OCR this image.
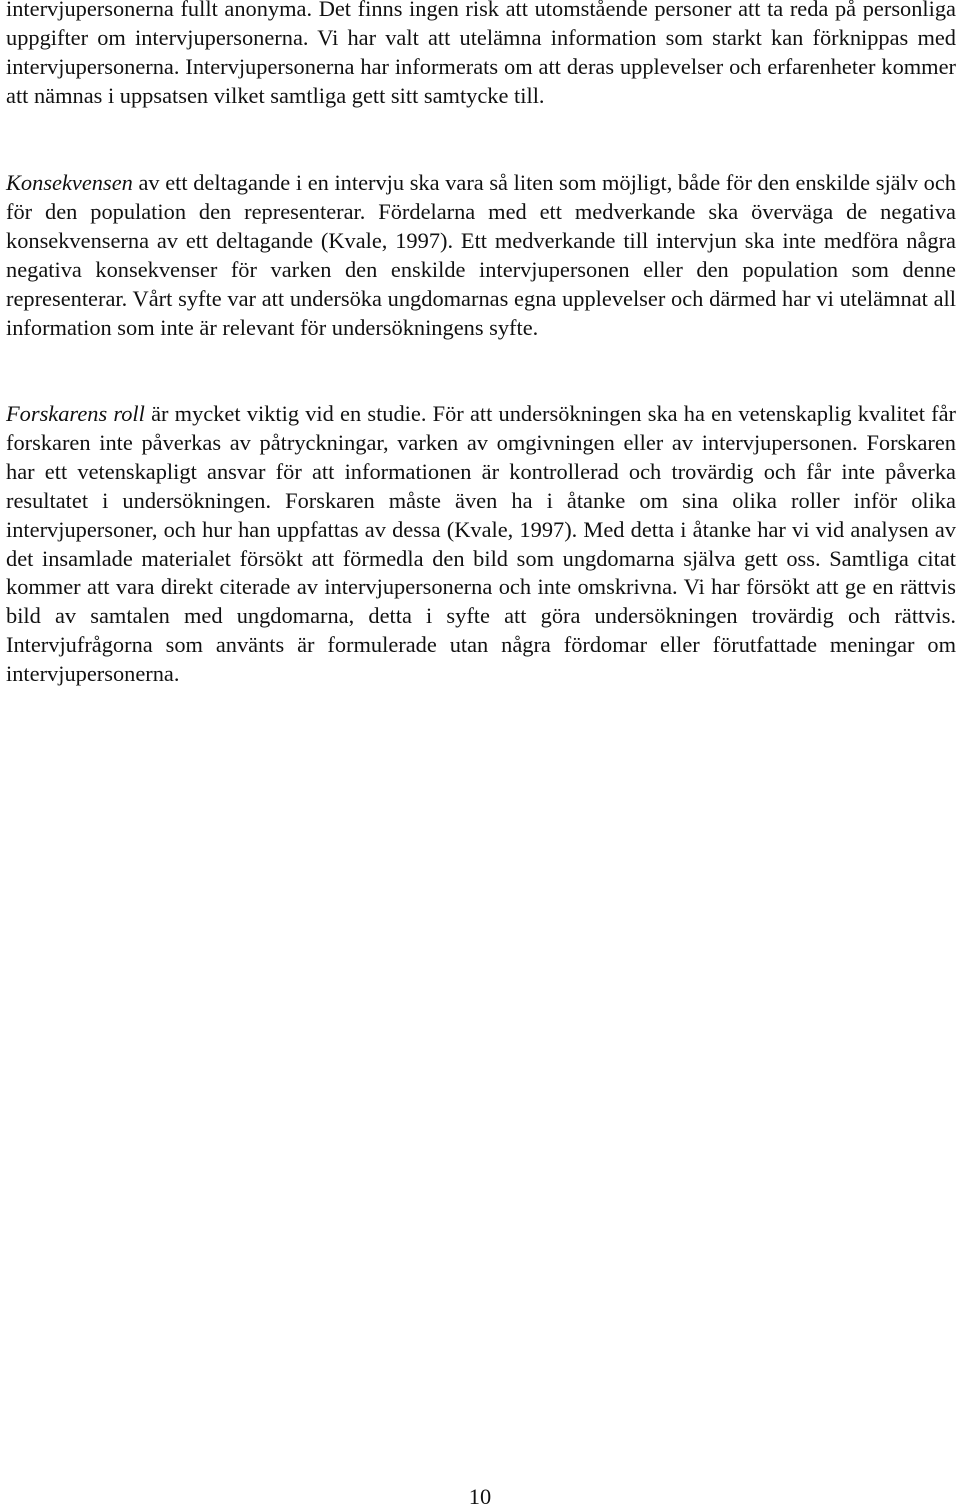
intervjupersonerna fullt anonyma. Det finns ingen risk att utomstående personer att ta reda på personliga uppgifter om intervjupersonerna. Vi har valt att utelämna information som starkt kan förknippas med intervjupersonerna. Intervjupersonerna har informerats om att deras upplevelser och erfarenheter kommer att nämnas i uppsatsen vilket samtliga gett sitt samtycke till.

Konsekvensen av ett deltagande i en intervju ska vara så liten som möjligt, både för den enskilde själv och för den population den representerar. Fördelarna med ett medverkande ska överväga de negativa konsekvenserna av ett deltagande (Kvale, 1997). Ett medverkande till intervjun ska inte medföra några negativa konsekvenser för varken den enskilde intervjupersonen eller den population som denne representerar. Vårt syfte var att undersöka ungdomarnas egna upplevelser och därmed har vi utelämnat all information som inte är relevant för undersökningens syfte.

Forskarens roll är mycket viktig vid en studie. För att undersökningen ska ha en vetenskaplig kvalitet får forskaren inte påverkas av påtryckningar, varken av omgivningen eller av intervjupersonen. Forskaren har ett vetenskapligt ansvar för att informationen är kontrollerad och trovärdig och får inte påverka resultatet i undersökningen. Forskaren måste även ha i åtanke om sina olika roller inför olika intervjupersoner, och hur han uppfattas av dessa (Kvale, 1997). Med detta i åtanke har vi vid analysen av det insamlade materialet försökt att förmedla den bild som ungdomarna själva gett oss. Samtliga citat kommer att vara direkt citerade av intervjupersonerna och inte omskrivna. Vi har försökt att ge en rättvis bild av samtalen med ungdomarna, detta i syfte att göra undersökningen trovärdig och rättvis. Intervjufrågorna som använts är formulerade utan några fördomar eller förutfattade meningar om intervjupersonerna.

10
